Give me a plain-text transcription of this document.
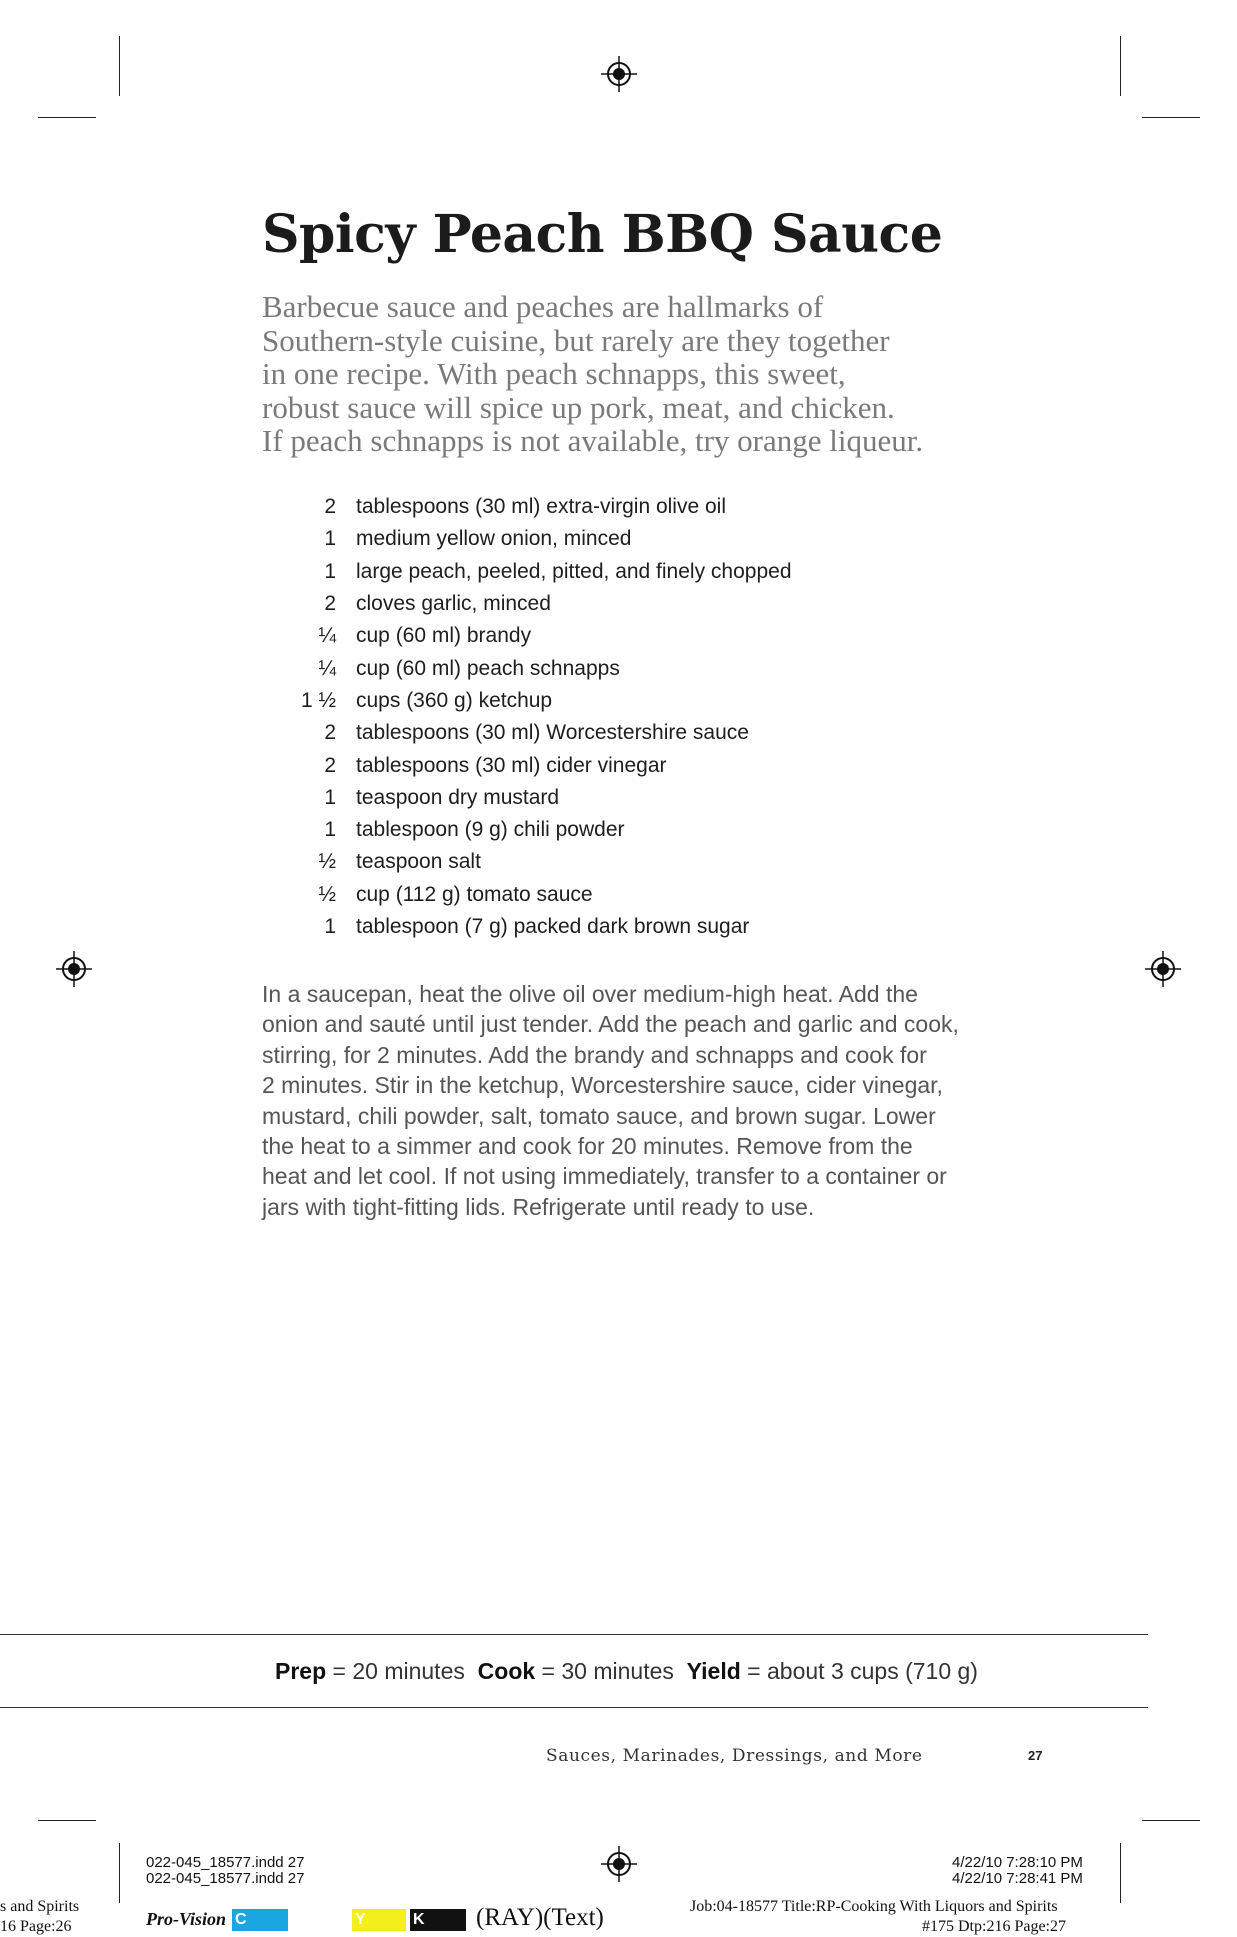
Spicy Peach BBQ Sauce
Barbecue sauce and peaches are hallmarks of
Southern-style cuisine, but rarely are they together
in one recipe. With peach schnapps, this sweet,
robust sauce will spice up pork, meat, and chicken.
If peach schnapps is not available, try orange liqueur.
2 tablespoons (30 ml) extra-virgin olive oil
1 medium yellow onion, minced
1 large peach, peeled, pitted, and finely chopped
2 cloves garlic, minced
¼ cup (60 ml) brandy
¼ cup (60 ml) peach schnapps
1 ½ cups (360 g) ketchup
2 tablespoons (30 ml) Worcestershire sauce
2 tablespoons (30 ml) cider vinegar
1 teaspoon dry mustard
1 tablespoon (9 g) chili powder
½ teaspoon salt
½ cup (112 g) tomato sauce
1 tablespoon (7 g) packed dark brown sugar
In a saucepan, heat the olive oil over medium-high heat. Add the
onion and sauté until just tender. Add the peach and garlic and cook,
stirring, for 2 minutes. Add the brandy and schnapps and cook for
2 minutes. Stir in the ketchup, Worcestershire sauce, cider vinegar,
mustard, chili powder, salt, tomato sauce, and brown sugar. Lower
the heat to a simmer and cook for 20 minutes. Remove from the
heat and let cool. If not using immediately, transfer to a container or
jars with tight-fitting lids. Refrigerate until ready to use.
Prep = 20 minutes Cook = 30 minutes Yield = about 3 cups (710 g)
Sauces, Marinades, Dressings, and More	27
022-045_18577.indd 27
022-045_18577.indd 27
4/22/10 7:28:10 PM
4/22/10 7:28:41 PM
s and Spirits
16 Page:26	Pro-Vision C	Y	K	(RAY)(Text)	Job:04-18577 Title:RP-Cooking With Liquors and Spirits
#175 Dtp:216 Page:27
